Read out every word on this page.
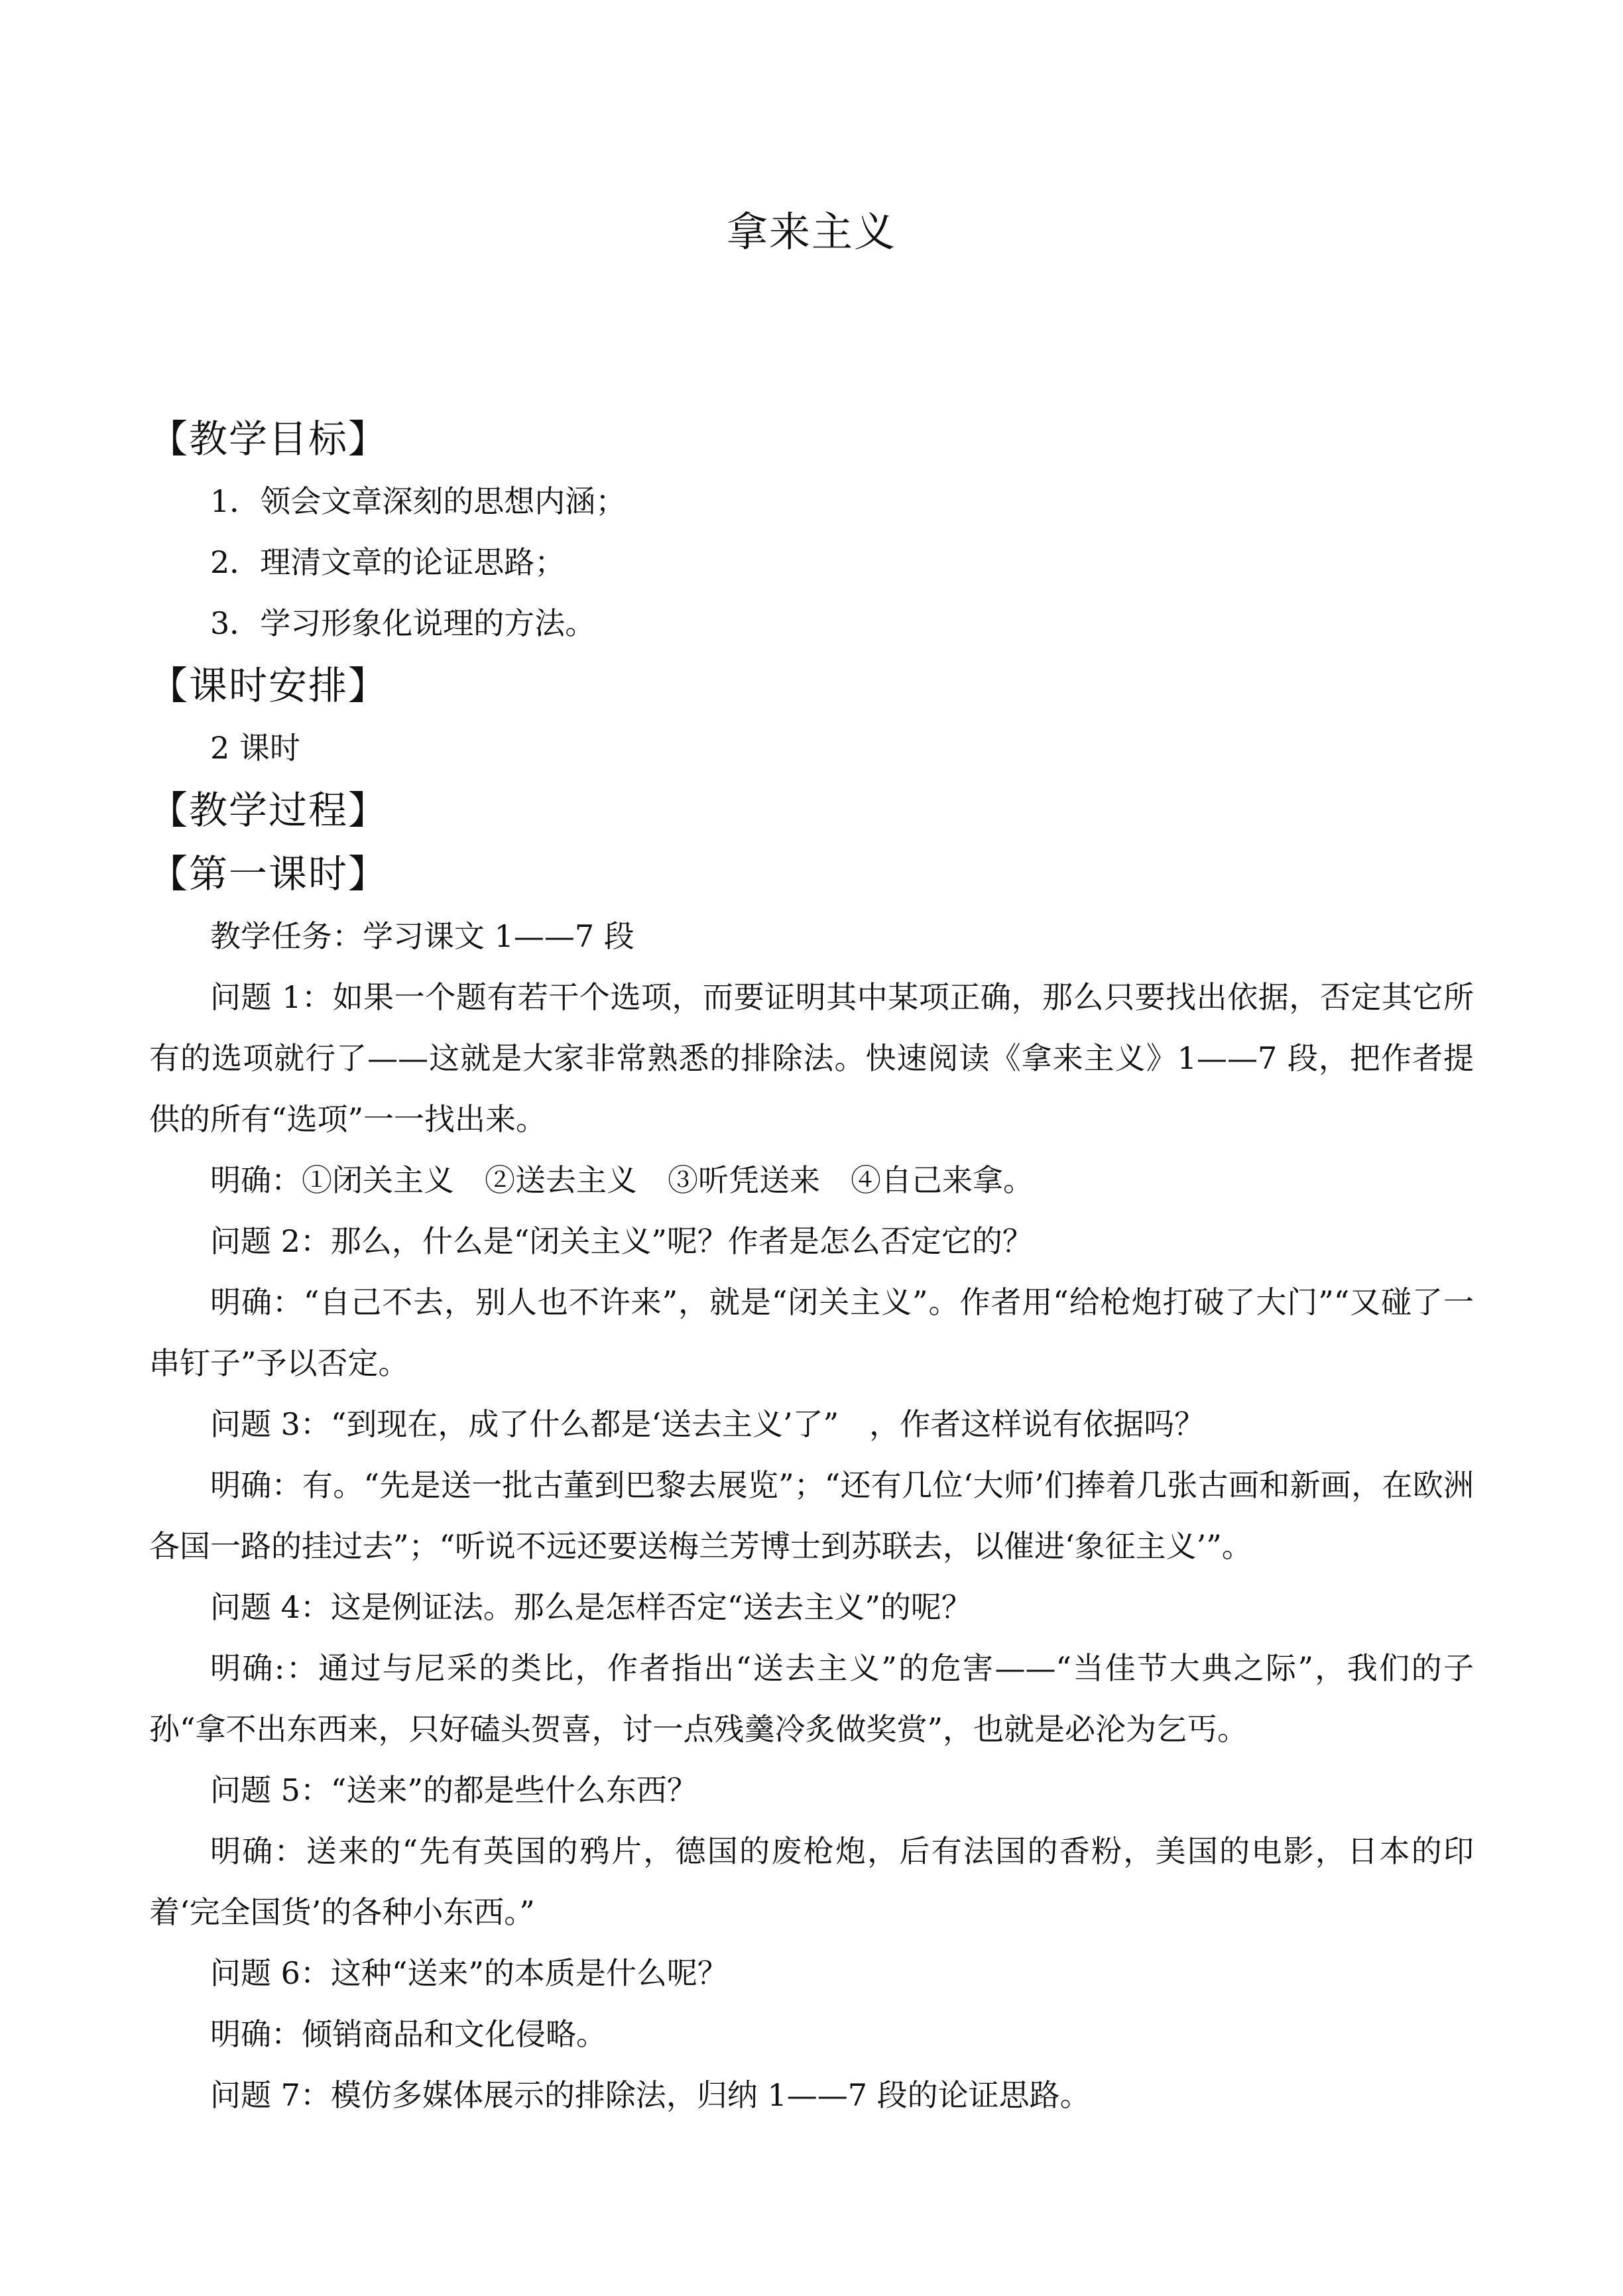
拿来主义
【教学目标】

1．领会文章深刻的思想内涵；

2．理清文章的论证思路；

3．学习形象化说理的方法。

【课时安排】

2 课时

【教学过程】
【第一课时】

教学任务：学习课文 1——7 段

问题 1：如果一个题有若干个选项，而要证明其中某项正确，那么只要找出依据，否定其它所有的选项就行了——这就是大家非常熟悉的排除法。快速阅读《拿来主义》1——7 段，把作者提供的所有“选项”一一找出来。

明确：①闭关主义　②送去主义　③听凭送来　④自己来拿。

问题 2：那么，什么是“闭关主义”呢？作者是怎么否定它的？

明确：“自己不去，别人也不许来”，就是“闭关主义”。作者用“给枪炮打破了大门”“又碰了一串钉子”予以否定。

问题 3：“到现在，成了什么都是‘送去主义’了”　，作者这样说有依据吗？

明确：有。“先是送一批古董到巴黎去展览”；“还有几位‘大师’们捧着几张古画和新画，在欧洲各国一路的挂过去”；“听说不远还要送梅兰芳博士到苏联去，以催进‘象征主义’”。

问题 4：这是例证法。那么是怎样否定“送去主义”的呢？

明确:：通过与尼采的类比，作者指出“送去主义”的危害——“当佳节大典之际”，我们的子孙“拿不出东西来，只好磕头贺喜，讨一点残羹冷炙做奖赏”，也就是必沦为乞丐。

问题 5：“送来”的都是些什么东西？

明确：送来的“先有英国的鸦片，德国的废枪炮，后有法国的香粉，美国的电影，日本的印着‘完全国货’的各种小东西。”

问题 6：这种“送来”的本质是什么呢？

明确：倾销商品和文化侵略。

问题 7：模仿多媒体展示的排除法，归纳 1——7 段的论证思路。
